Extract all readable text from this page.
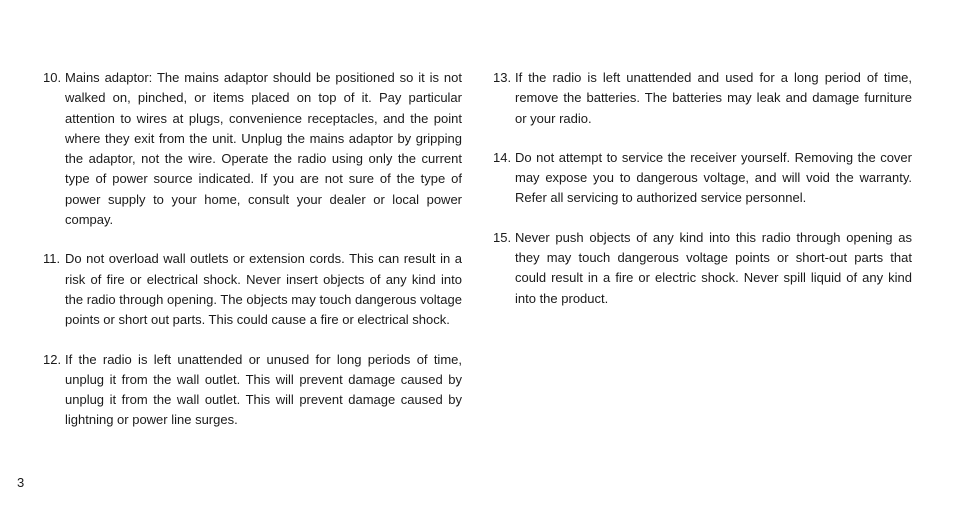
10. Mains adaptor: The mains adaptor should be positioned so it is not walked on, pinched, or items placed on top of it. Pay particular attention to wires at plugs, convenience receptacles, and the point where they exit from the unit. Unplug the mains adaptor by gripping the adaptor, not the wire. Operate the radio using only the current type of power source indicated. If you are not sure of the type of power supply to your home, consult your dealer or local power compay.
11. Do not overload wall outlets or extension cords. This can result in a risk of fire or electrical shock. Never insert objects of any kind into the radio through opening. The objects may touch dangerous voltage points or short out parts. This could cause a fire or electrical shock.
12. If the radio is left unattended or unused for long periods of time, unplug it from the wall outlet. This will prevent damage caused by unplug it from the wall outlet. This will prevent damage caused by lightning or power line surges.
13. If the radio is left unattended and used for a long period of time, remove the batteries. The batteries may leak and damage furniture or your radio.
14. Do not attempt to service the receiver yourself. Removing the cover may expose you to dangerous voltage, and will void the warranty. Refer all servicing to authorized service personnel.
15. Never push objects of any kind into this radio through opening as they may touch dangerous voltage points or short-out parts that could result in a fire or electric shock. Never spill liquid of any kind into the product.
3
